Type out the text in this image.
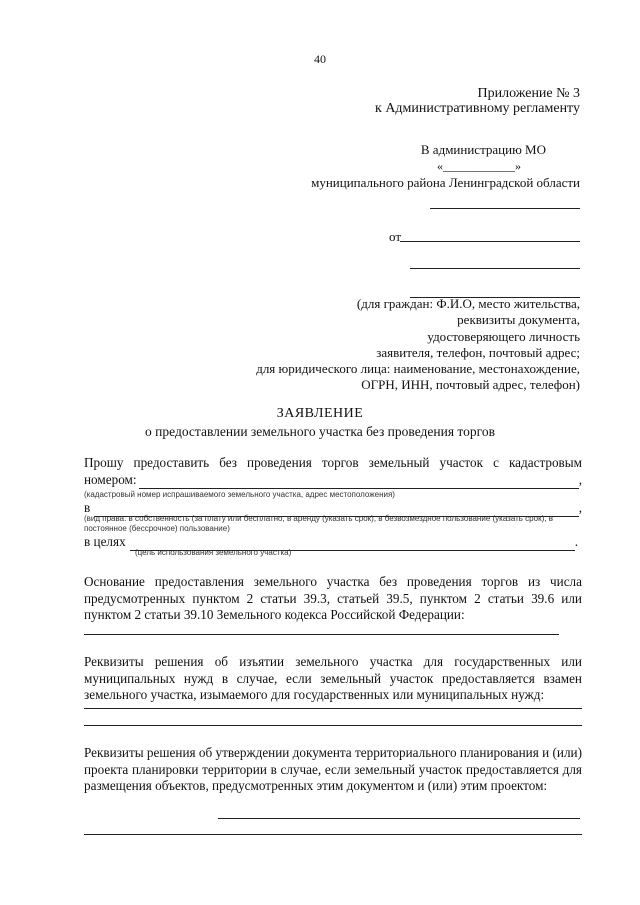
40
Приложение № 3
к Административному регламенту
В администрацию МО
«____________»
муниципального района Ленинградской области
от
(для граждан: Ф.И.О, место жительства,
реквизиты документа,
удостоверяющего личность
заявителя, телефон, почтовый адрес;
для юридического лица: наименование, местонахождение,
ОГРН, ИНН, почтовый адрес, телефон)
ЗАЯВЛЕНИЕ
о предоставлении земельного участка без проведения торгов
Прошу предоставить без проведения торгов земельный участок с кадастровым
номером:	,
(кадастровый номер испрашиваемого земельного участка, адрес местоположения)
в	,
(вид права: в собственность (за плату или бесплатно, в аренду (указать срок), в безвозмездное пользование (указать срок), в постоянное (бессрочное) пользование)
в целях	.
(цель использования земельного участка)
Основание предоставления земельного участка без проведения торгов из числа предусмотренных пунктом 2 статьи 39.3, статьей 39.5, пунктом 2 статьи 39.6 или пунктом 2 статьи 39.10 Земельного кодекса Российской Федерации:
Реквизиты решения об изъятии земельного участка для государственных или муниципальных нужд в случае, если земельный участок предоставляется взамен земельного участка, изымаемого для государственных или муниципальных нужд:
Реквизиты решения об утверждении документа территориального планирования и (или) проекта планировки территории в случае, если земельный участок предоставляется для размещения объектов, предусмотренных этим документом и (или) этим проектом:
